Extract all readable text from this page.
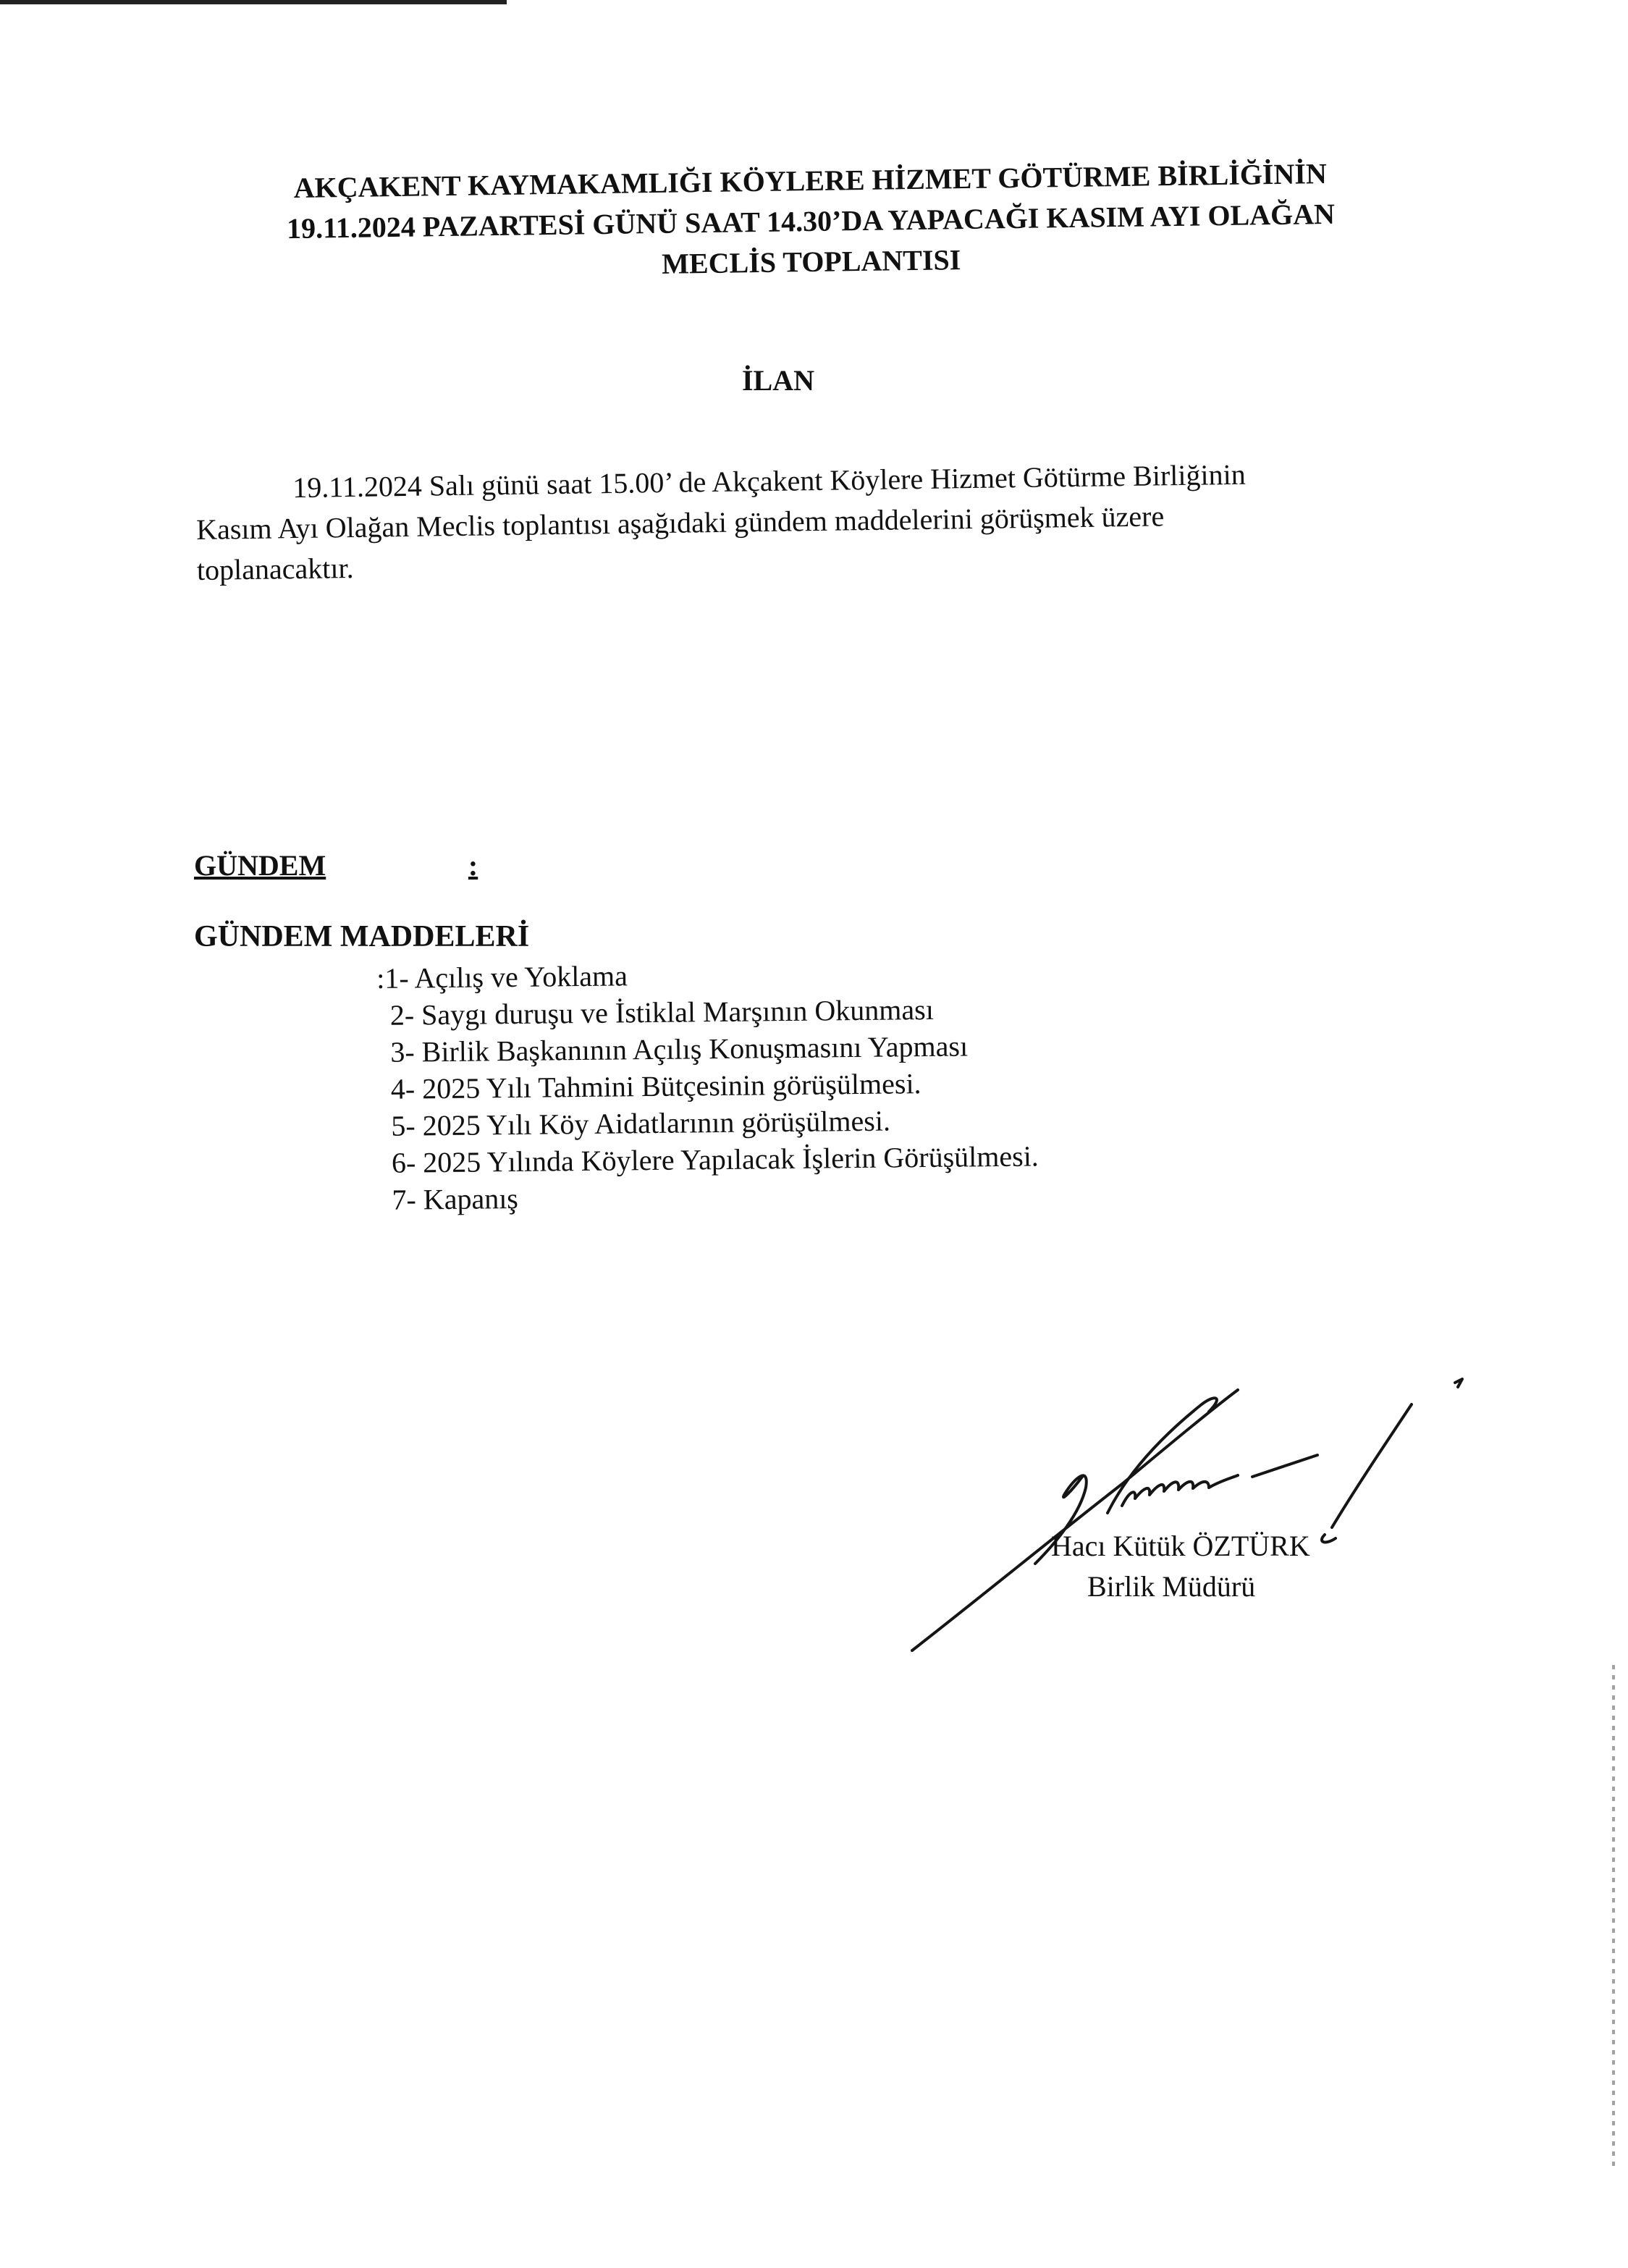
AKÇAKENT KAYMAKAMLIĞI KÖYLERE HİZMET GÖTÜRME BİRLİĞİNİN
19.11.2024 PAZARTESİ GÜNÜ SAAT 14.30’DA YAPACAĞI KASIM AYI OLAĞAN
MECLİS TOPLANTISI
İLAN
19.11.2024 Salı günü saat 15.00’ de Akçakent Köylere Hizmet Götürme Birliğinin
Kasım Ayı Olağan Meclis toplantısı aşağıdaki gündem maddelerini görüşmek üzere
toplanacaktır.
GÜNDEM	:
GÜNDEM MADDELERİ
:1- Açılış ve Yoklama
2- Saygı duruşu ve İstiklal Marşının Okunması
3- Birlik Başkanının Açılış Konuşmasını Yapması
4- 2025 Yılı Tahmini Bütçesinin görüşülmesi.
5- 2025 Yılı Köy Aidatlarının görüşülmesi.
6- 2025 Yılında Köylere Yapılacak İşlerin Görüşülmesi.
7- Kapanış
Hacı Kütük ÖZTÜRK
Birlik Müdürü
